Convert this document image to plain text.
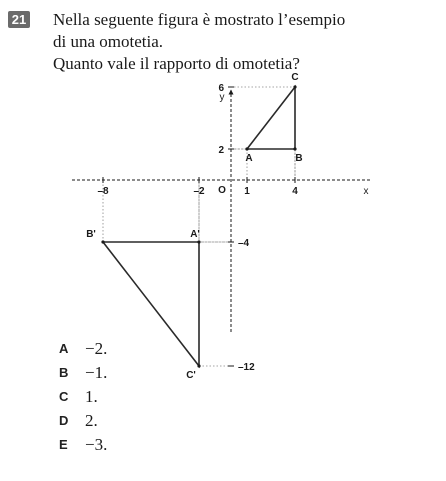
21 Nella seguente figura è mostrato l’esempio
di una omotetia.
Quanto vale il rapporto di omotetia?
–8	–2	1	4
6
2
–4
–12
A	B
C
A'
B'
C'
x
y
O
A −2.
B −1.
C 1.
D 2.
E −3.
